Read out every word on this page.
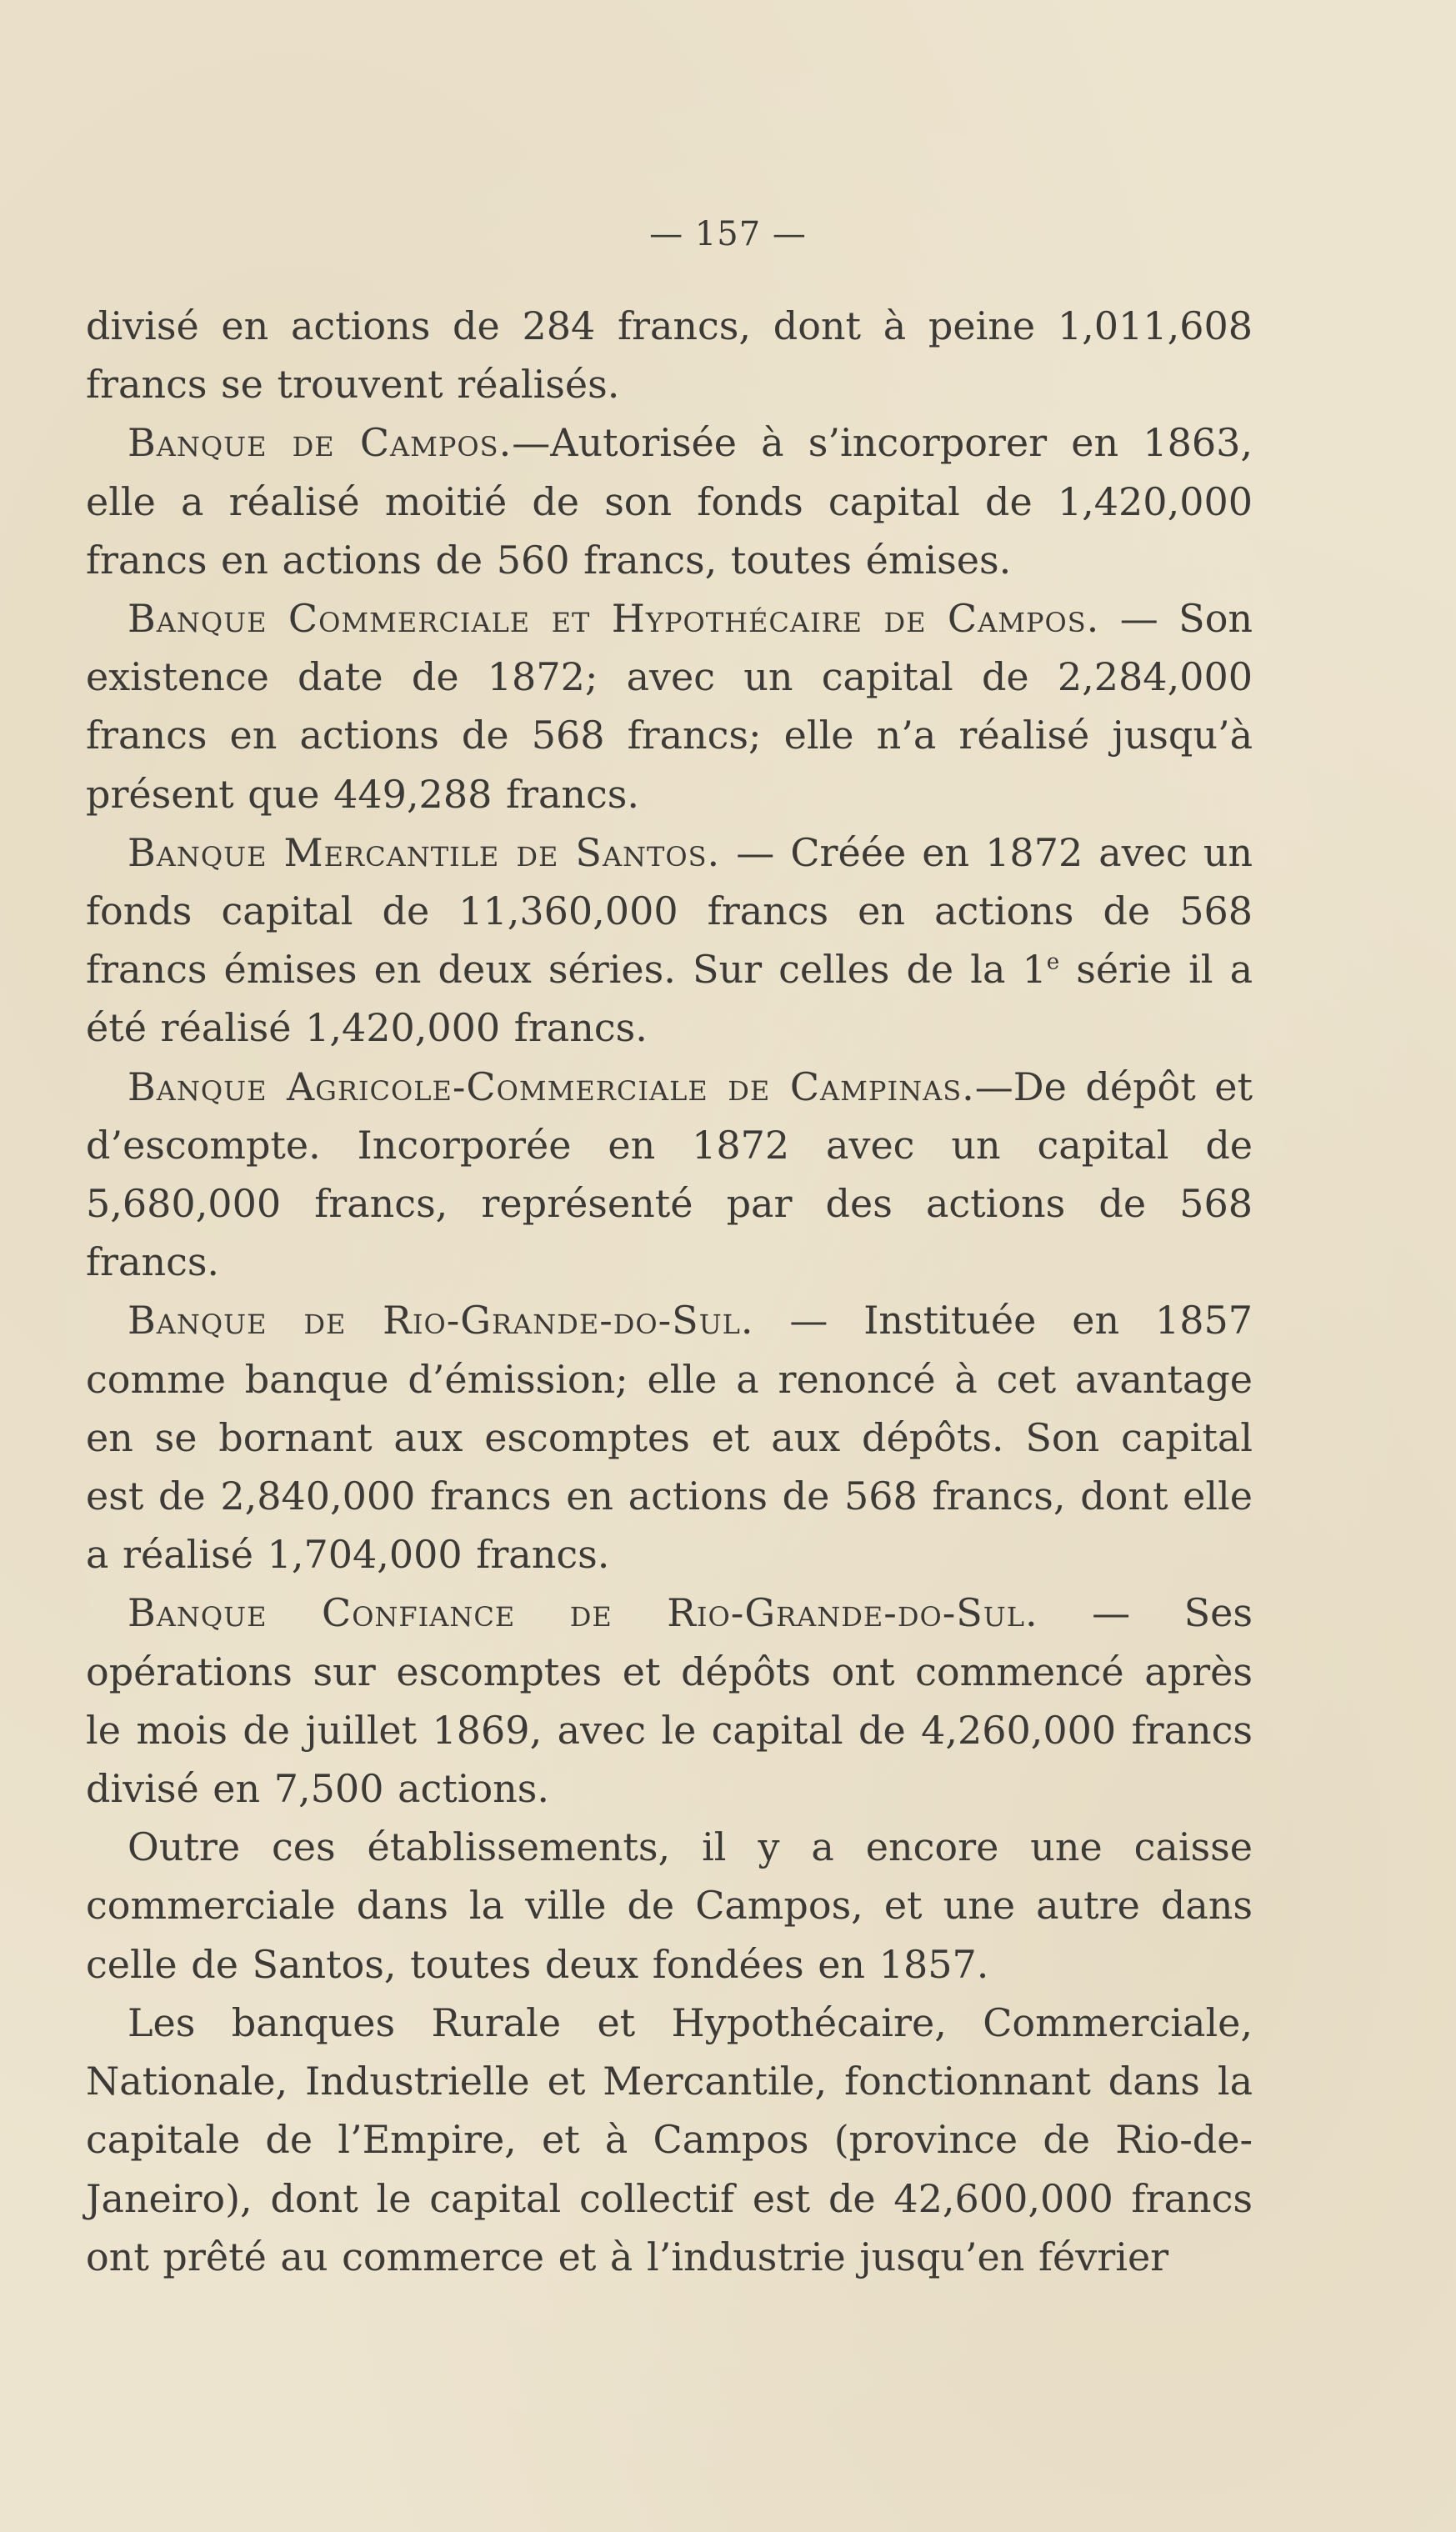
— 157 —

divisé en actions de 284 francs, dont à peine 1,011,608 francs se trouvent réalisés.

Banque de Campos.—Autorisée à s’incorporer en 1863, elle a réalisé moitié de son fonds capital de 1,420,000 francs en actions de 560 francs, toutes émises.

Banque Commerciale et Hypothécaire de Campos. — Son existence date de 1872; avec un capital de 2,284,000 francs en actions de 568 francs; elle n’a réalisé jusqu’à présent que 449,288 francs.

Banque Mercantile de Santos. — Créée en 1872 avec un fonds capital de 11,360,000 francs en actions de 568 francs émises en deux séries. Sur celles de la 1e série il a été réalisé 1,420,000 francs.

Banque Agricole-Commerciale de Campinas.—De dépôt et d’escompte. Incorporée en 1872 avec un capital de 5,680,000 francs, représenté par des actions de 568 francs.

Banque de Rio-Grande-do-Sul. — Instituée en 1857 comme banque d’émission; elle a renoncé à cet avantage en se bornant aux escomptes et aux dépôts. Son capital est de 2,840,000 francs en actions de 568 francs, dont elle a réalisé 1,704,000 francs.

Banque Confiance de Rio-Grande-do-Sul. — Ses opérations sur escomptes et dépôts ont commencé après le mois de juillet 1869, avec le capital de 4,260,000 francs divisé en 7,500 actions.

Outre ces établissements, il y a encore une caisse commerciale dans la ville de Campos, et une autre dans celle de Santos, toutes deux fondées en 1857.

Les banques Rurale et Hypothécaire, Commerciale, Nationale, Industrielle et Mercantile, fonctionnant dans la capitale de l’Empire, et à Campos (province de Rio-de-Janeiro), dont le capital collectif est de 42,600,000 francs ont prêté au commerce et à l’industrie jusqu’en février
